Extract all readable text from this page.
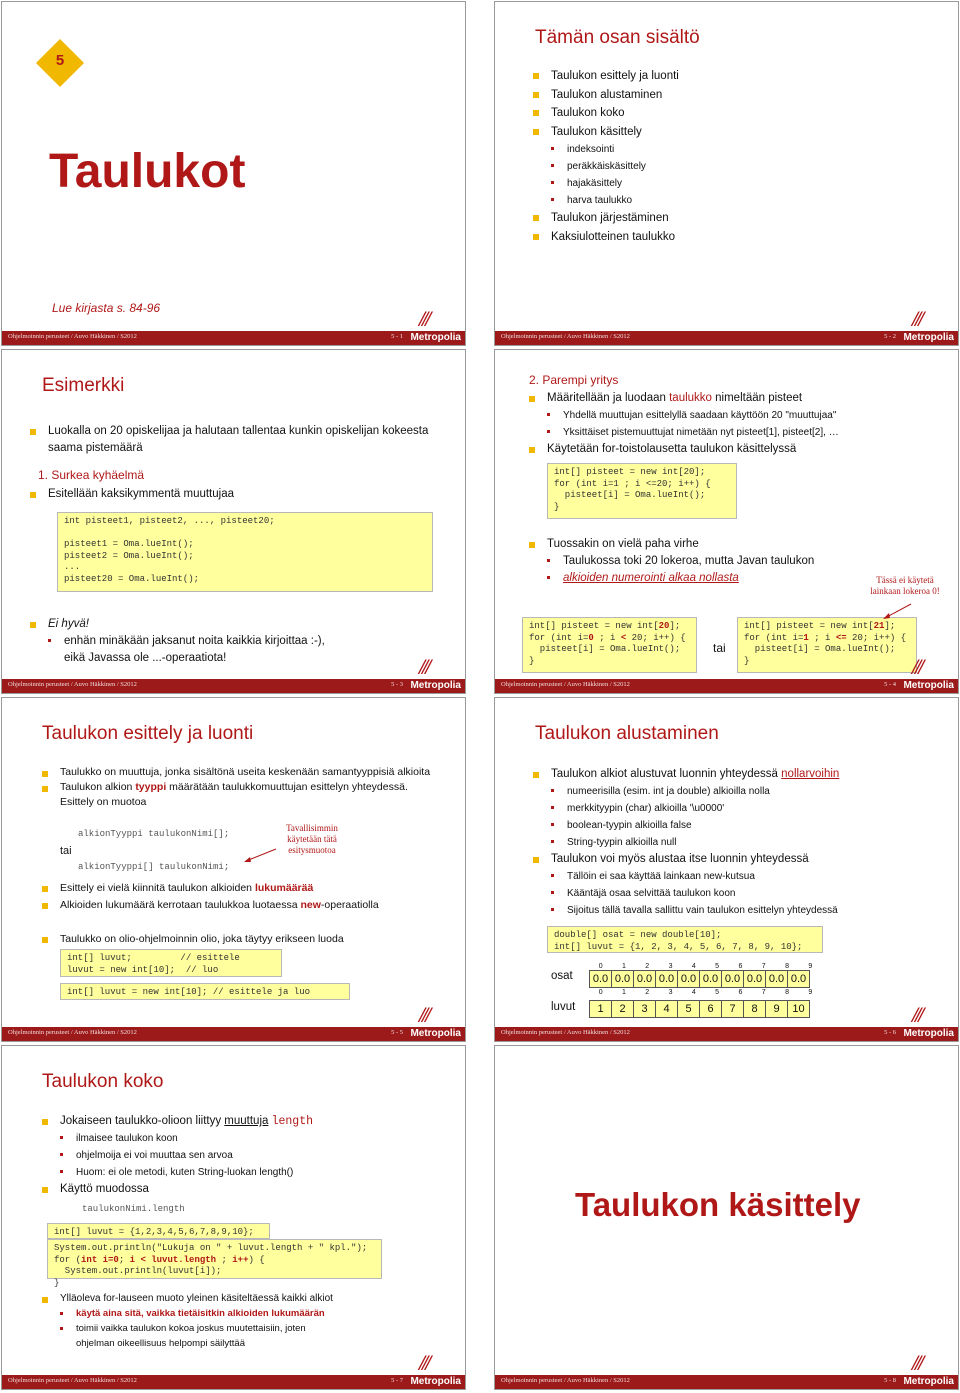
5
Taulukot
Lue kirjasta s. 84-96	///
Ohjelmoinnin perusteet / Auvo Häkkinen / S2012	5 - 1 Metropolia
Tämän osan sisältö
Taulukon esittely ja luonti
Taulukon alustaminen
Taulukon koko
Taulukon käsittely
indeksointi
peräkkäiskäsittely
hajakäsittely
harva taulukko
Taulukon järjestäminen
Kaksiulotteinen taulukko
///
Ohjelmoinnin perusteet / Auvo Häkkinen / S2012	5 - 2 Metropolia
Esimerkki
Luokalla on 20 opiskelijaa ja halutaan tallentaa kunkin opiskelijan kokeesta saama pistemäärä
1. Surkea kyhäelmä
Esitellään kaksikymmentä muuttujaa
int pisteet1, pisteet2, ..., pisteet20;

pisteet1 = Oma.lueInt();
pisteet2 = Oma.lueInt();
...
pisteet20 = Oma.lueInt();
Ei hyvä!
enhän minäkään jaksanut noita kaikkia kirjoittaa :-),
eikä Javassa ole ...-operaatiota!	///
Ohjelmoinnin perusteet / Auvo Häkkinen / S2012	5 - 3 Metropolia
2. Parempi yritys
Määritellään ja luodaan taulukko nimeltään pisteet
Yhdellä muuttujan esittelyllä saadaan käyttöön 20 "muuttujaa"
Yksittäiset pistemuuttujat nimetään nyt pisteet[1], pisteet[2], …
Käytetään for-toistolausetta taulukon käsittelyssä
int[] pisteet = new int[20];
for (int i=1 ; i <=20; i++) {
pisteet[i] = Oma.lueInt();
}
Tuossakin on vielä paha virhe
Taulukossa toki 20 lokeroa, mutta Javan taulukon
alkioiden numerointi alkaa nollasta	Tässä ei käytetä lainkaan lokeroa 0!
int[] pisteet = new int[20];
for (int i=0 ; i < 20; i++) {
pisteet[i] = Oma.lueInt();
}
tai
int[] pisteet = new int[21];
for (int i=1 ; i <= 20; i++) {
pisteet[i] = Oma.lueInt();
}	///
Ohjelmoinnin perusteet / Auvo Häkkinen / S2012	5 - 4 Metropolia
Taulukon esittely ja luonti
Taulukko on muuttuja, jonka sisältönä useita keskenään samantyyppisiä alkioita
Taulukon alkion tyyppi määrätään taulukkomuuttujan esittelyn yhteydessä. Esittely on muotoa
alkionTyyppi taulukonNimi[];
tai
alkionTyyppi[] taulukonNimi;
Tavallisimmin käytetään tätä esitysmuotoa
Esittely ei vielä kiinnitä taulukon alkioiden lukumäärää
Alkioiden lukumäärä kerrotaan taulukkoa luotaessa new-operaatiolla
Taulukko on olio-ohjelmoinnin olio, joka täytyy erikseen luoda
int[] luvut;         // esittele
luvut = new int[10];  // luo
int[] luvut = new int[10]; // esittele ja luo
///
Ohjelmoinnin perusteet / Auvo Häkkinen / S2012	5 - 5 Metropolia
Taulukon alustaminen
Taulukon alkiot alustuvat luonnin yhteydessä nollarvoihin
numeerisilla (esim. int ja double) alkioilla nolla
merkkityypin (char) alkioilla '\u0000'
boolean-tyypin alkioilla false
String-tyypin alkioilla null
Taulukon voi myös alustaa itse luonnin yhteydessä
Tällöin ei saa käyttää lainkaan new-kutsua
Kääntäjä osaa selvittää taulukon koon
Sijoitus tällä tavalla sallittu vain taulukon esittelyn yhteydessä
double[] osat = new double[10];
int[] luvut = {1, 2, 3, 4, 5, 6, 7, 8, 9, 10};
0	1	2	3	4	5	6	7	8	9
osat 0.0	0.0	0.0	0.0	0.0	0.0	0.0	0.0	0.0	0.0
0	1	2	3	4	5	6	7	8	9
luvut 1	2	3	4	5	6	7	8	9	10	///
Ohjelmoinnin perusteet / Auvo Häkkinen / S2012	5 - 6 Metropolia
Taulukon koko
Jokaiseen taulukko-olioon liittyy muuttuja length
ilmaisee taulukon koon
ohjelmoija ei voi muuttaa sen arvoa
Huom: ei ole metodi, kuten String-luokan length()
Käyttö muodossa
taulukonNimi.length
int[] luvut = {1,2,3,4,5,6,7,8,9,10};
System.out.println("Lukuja on " + luvut.length + " kpl.");
for (int i=0; i < luvut.length ; i++) {
System.out.println(luvut[i]);
}
Ylläoleva for-lauseen muoto yleinen käsiteltäessä kaikki alkiot
käytä aina sitä, vaikka tietäisitkin alkioiden lukumäärän
toimii vaikka taulukon kokoa joskus muutettaisiin, joten
ohjelman oikeellisuus helpompi säilyttää
///
Ohjelmoinnin perusteet / Auvo Häkkinen / S2012	5 - 7 Metropolia
Taulukon käsittely
///
Ohjelmoinnin perusteet / Auvo Häkkinen / S2012	5 - 8 Metropolia
